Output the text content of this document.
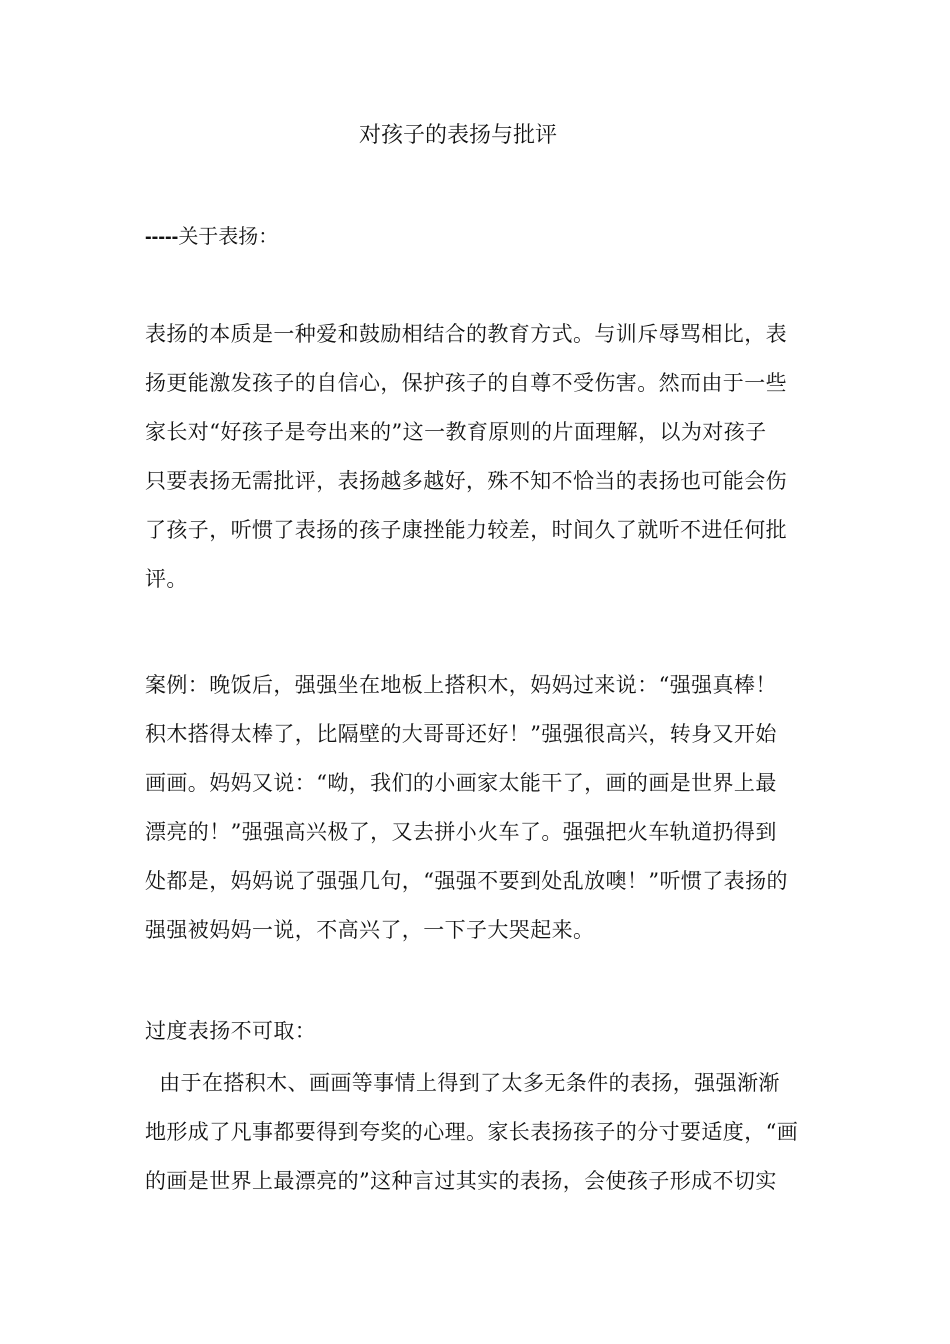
对孩子的表扬与批评
-----关于表扬：

表扬的本质是一种爱和鼓励相结合的教育方式。与训斥辱骂相比，表
扬更能激发孩子的自信心，保护孩子的自尊不受伤害。然而由于一些
家长对“好孩子是夸出来的”这一教育原则的片面理解，以为对孩子
只要表扬无需批评，表扬越多越好，殊不知不恰当的表扬也可能会伤
了孩子，听惯了表扬的孩子康挫能力较差，时间久了就听不进任何批
评。

案例：晚饭后，强强坐在地板上搭积木，妈妈过来说：“强强真棒！
积木搭得太棒了，比隔壁的大哥哥还好！”强强很高兴，转身又开始
画画。妈妈又说：“呦，我们的小画家太能干了，画的画是世界上最
漂亮的！”强强高兴极了，又去拼小火车了。强强把火车轨道扔得到
处都是，妈妈说了强强几句，“强强不要到处乱放噢！”听惯了表扬的
强强被妈妈一说，不高兴了，一下子大哭起来。

过度表扬不可取：

由于在搭积木、画画等事情上得到了太多无条件的表扬，强强渐渐
地形成了凡事都要得到夸奖的心理。家长表扬孩子的分寸要适度，“画
的画是世界上最漂亮的”这种言过其实的表扬，会使孩子形成不切实
